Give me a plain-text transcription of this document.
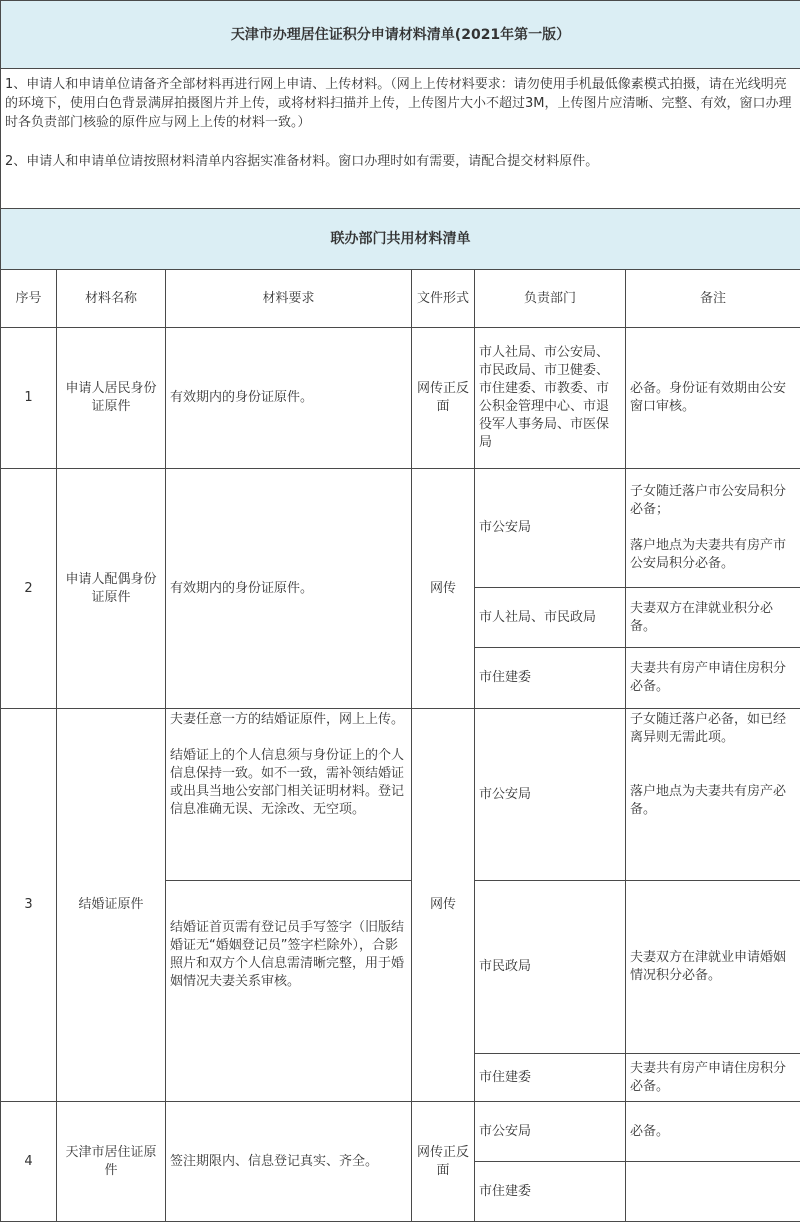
天津市办理居住证积分申请材料清单(2021年第一版）					

1、申请人和申请单位请备齐全部材料再进行网上申请、上传材料。（网上上传材料要求：请勿使用手机最低像素模式拍摄，请在光线明亮的环境下，使用白色背景满屏拍摄图片并上传，或将材料扫描并上传，上传图片大小不超过3M，上传图片应清晰、完整、有效，窗口办理时各负责部门核验的原件应与网上上传的材料一致。）

2、申请人和申请单位请按照材料清单内容据实准备材料。窗口办理时如有需要，请配合提交材料原件。					

联办部门共用材料清单					
序号	材料名称	材料要求	文件形式	负责部门	备注
1	申请人居民身份证原件	有效期内的身份证原件。	网传正反面	市人社局、市公安局、市民政局、市卫健委、市住建委、市教委、市公积金管理中心、市退役军人事务局、市医保局	必备。身份证有效期由公安窗口审核。
2	申请人配偶身份证原件	有效期内的身份证原件。	网传	市公安局	子女随迁落户市公安局积分必备；
落户地点为夫妻共有房产市公安局积分必备。

				市人社局、市民政局	夫妻双方在津就业积分必备。
				市住建委	夫妻共有房产申请住房积分必备。
3	结婚证原件	夫妻任意一方的结婚证原件，网上上传。
结婚证上的个人信息须与身份证上的个人信息保持一致。如不一致，需补领结婚证或出具当地公安部门相关证明材料。登记信息准确无误、无涂改、无空项。	网传	市公安局	子女随迁落户必备，如已经离异则无需此项。
落户地点为夫妻共有房产必备。

		结婚证首页需有登记员手写签字（旧版结婚证无“婚姻登记员”签字栏除外），合影照片和双方个人信息需清晰完整，用于婚姻情况夫妻关系审核。		市民政局	夫妻双方在津就业申请婚姻情况积分必备。
				市住建委	夫妻共有房产申请住房积分必备。
4	天津市居住证原件	签注期限内、信息登记真实、齐全。	网传正反面	市公安局	必备。
				市住建委	
